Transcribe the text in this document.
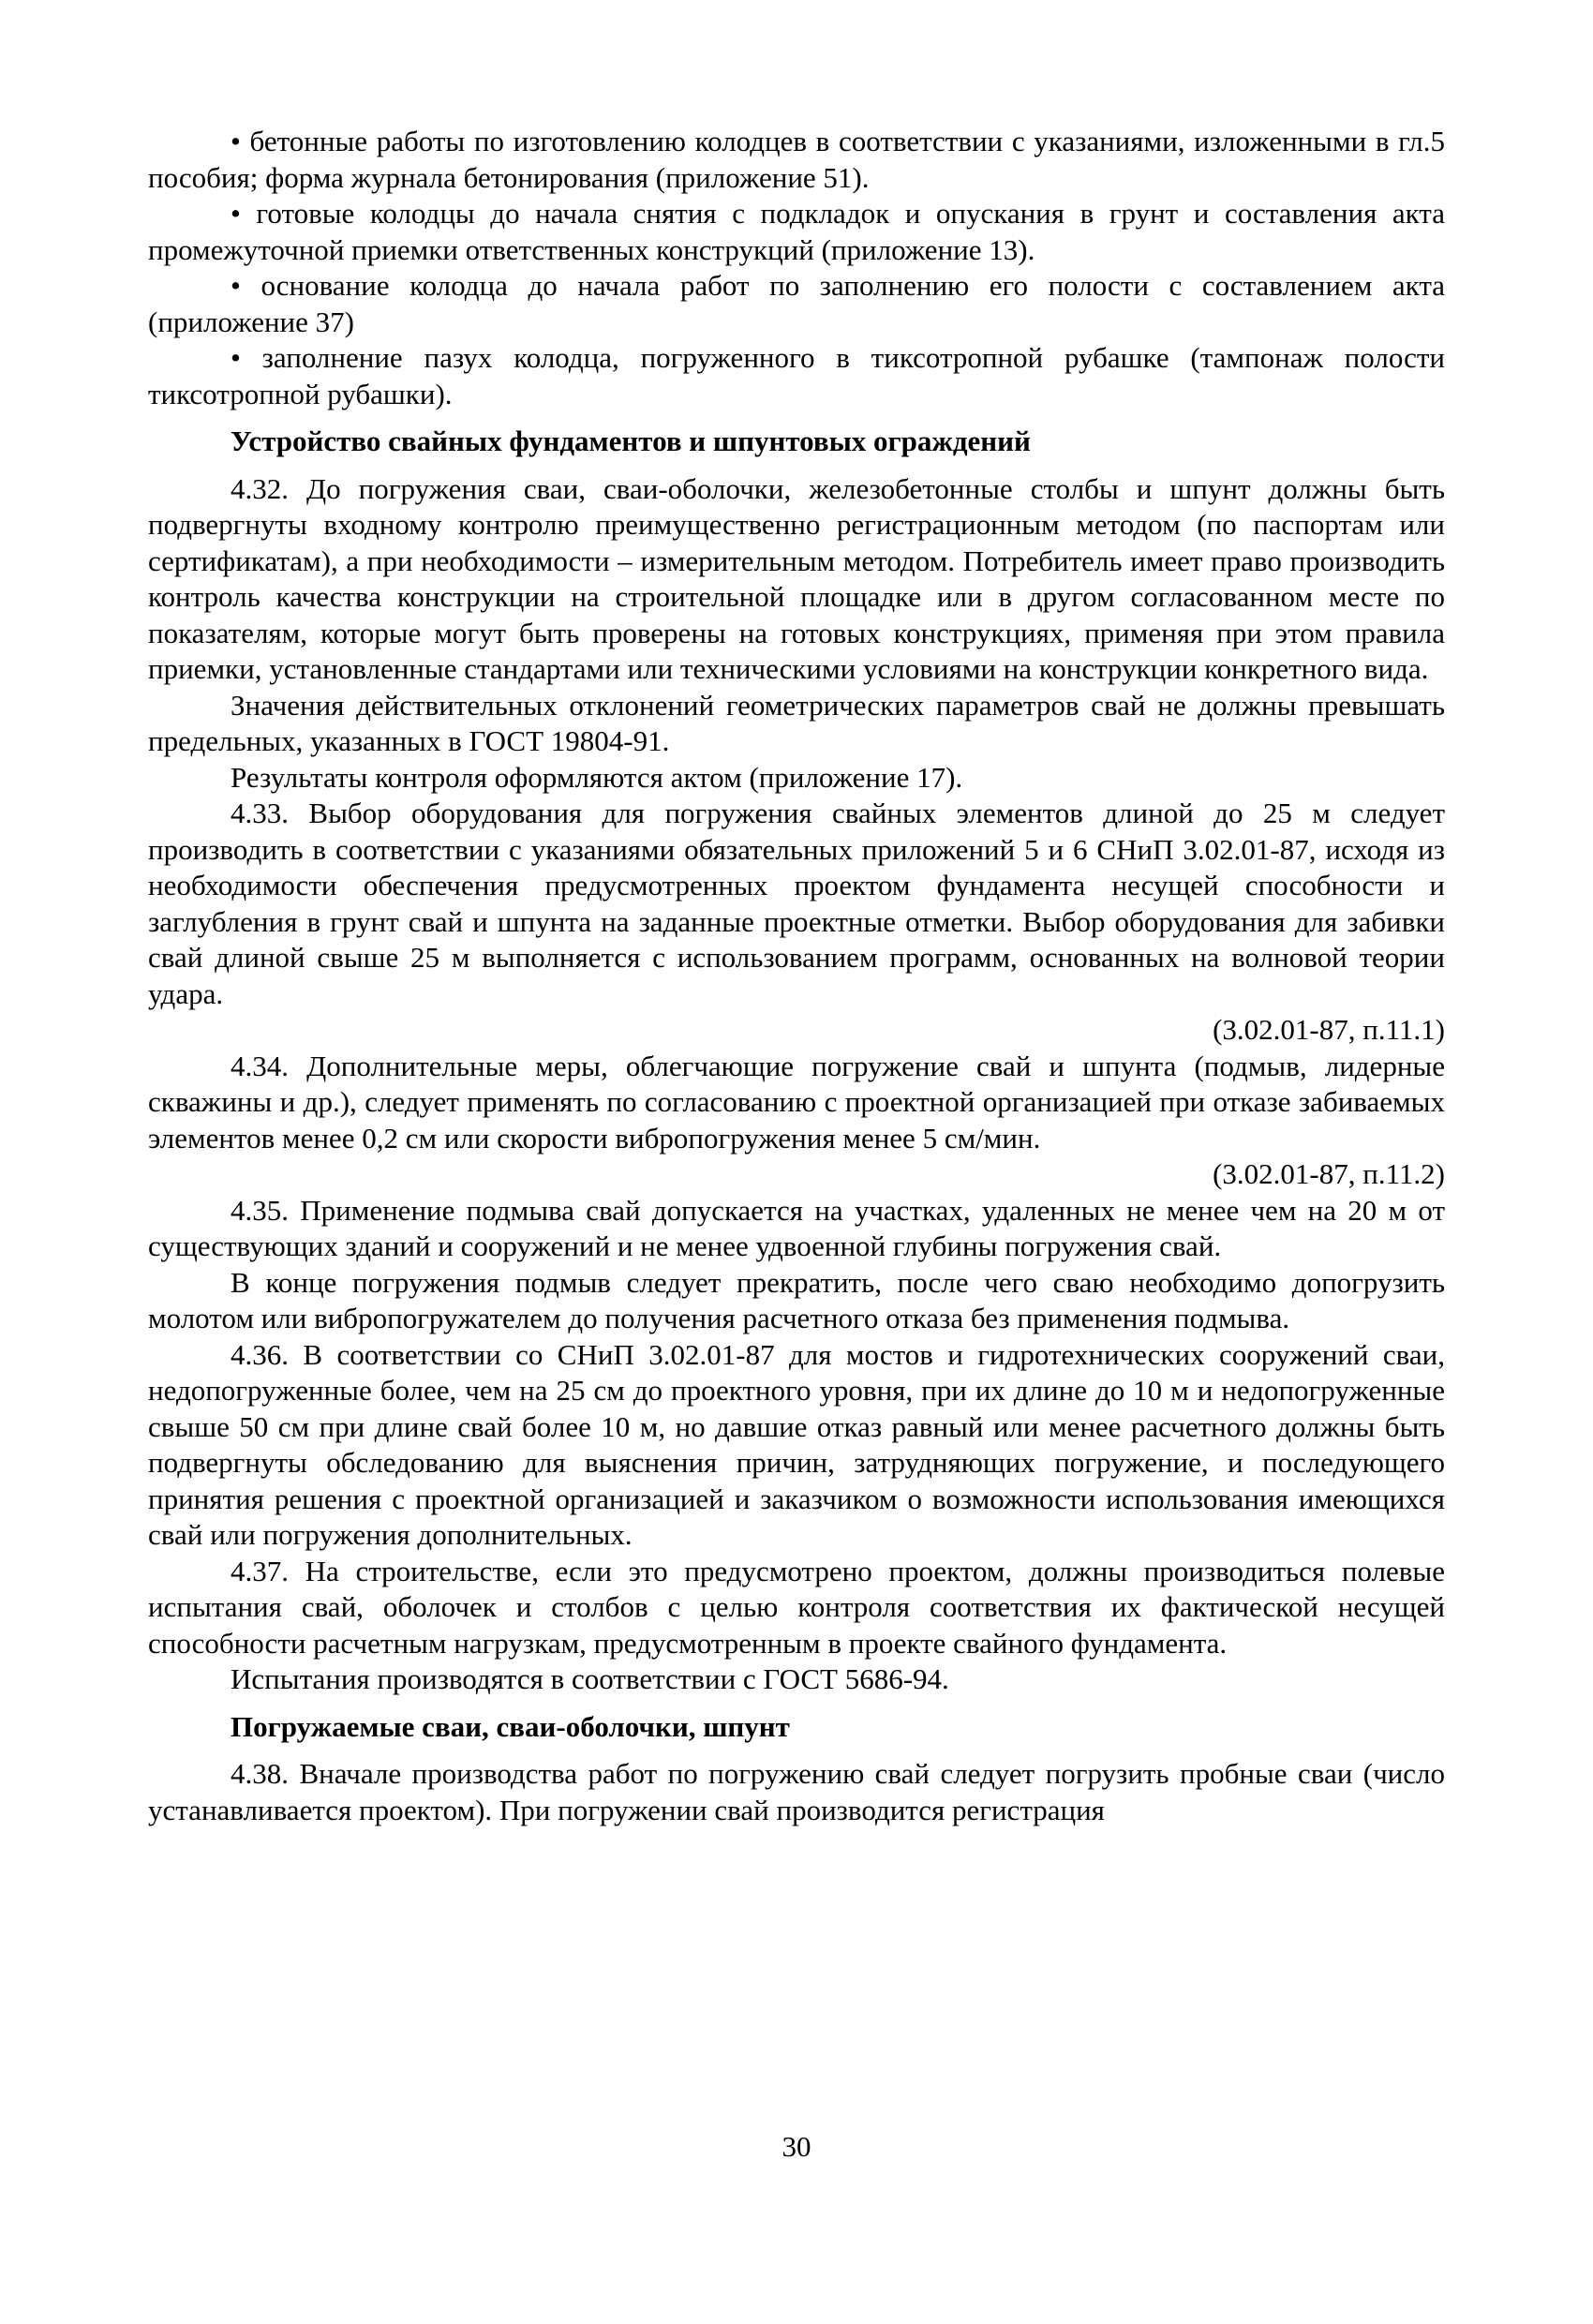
• бетонные работы по изготовлению колодцев в соответствии с указаниями, изложенными в гл.5 пособия; форма журнала бетонирования (приложение 51).

• готовые колодцы до начала снятия с подкладок и опускания в грунт и составления акта промежуточной приемки ответственных конструкций (приложение 13).

• основание колодца до начала работ по заполнению его полости с составлением акта (приложение 37)

• заполнение пазух колодца, погруженного в тиксотропной рубашке (тампонаж полости тиксотропной рубашки).

Устройство свайных фундаментов и шпунтовых ограждений

4.32. До погружения сваи, сваи-оболочки, железобетонные столбы и шпунт должны быть подвергнуты входному контролю преимущественно регистрационным методом (по паспортам или сертификатам), а при необходимости – измерительным методом. Потребитель имеет право производить контроль качества конструкции на строительной площадке или в другом согласованном месте по показателям, которые могут быть проверены на готовых конструкциях, применяя при этом правила приемки, установленные стандартами или техническими условиями на конструкции конкретного вида.

Значения действительных отклонений геометрических параметров свай не должны превышать предельных, указанных в ГОСТ 19804-91.

Результаты контроля оформляются актом (приложение 17).

4.33. Выбор оборудования для погружения свайных элементов длиной до 25 м следует производить в соответствии с указаниями обязательных приложений 5 и 6 СНиП 3.02.01-87, исходя из необходимости обеспечения предусмотренных проектом фундамента несущей способности и заглубления в грунт свай и шпунта на заданные проектные отметки. Выбор оборудования для забивки свай длиной свыше 25 м выполняется с использованием программ, основанных на волновой теории удара.

(3.02.01-87, п.11.1)

4.34. Дополнительные меры, облегчающие погружение свай и шпунта (подмыв, лидерные скважины и др.), следует применять по согласованию с проектной организацией при отказе забиваемых элементов менее 0,2 см или скорости вибропогружения менее 5 см/мин.

(3.02.01-87, п.11.2)

4.35. Применение подмыва свай допускается на участках, удаленных не менее чем на 20 м от существующих зданий и сооружений и не менее удвоенной глубины погружения свай.

В конце погружения подмыв следует прекратить, после чего сваю необходимо допогрузить молотом или вибропогружателем до получения расчетного отказа без применения подмыва.

4.36. В соответствии со СНиП 3.02.01-87 для мостов и гидротехнических сооружений сваи, недопогруженные более, чем на 25 см до проектного уровня, при их длине до 10 м и недопогруженные свыше 50 см при длине свай более 10 м, но давшие отказ равный или менее расчетного должны быть подвергнуты обследованию для выяснения причин, затрудняющих погружение, и последующего принятия решения с проектной организацией и заказчиком о возможности использования имеющихся свай или погружения дополнительных.

4.37. На строительстве, если это предусмотрено проектом, должны производиться полевые испытания свай, оболочек и столбов с целью контроля соответствия их фактической несущей способности расчетным нагрузкам, предусмотренным в проекте свайного фундамента.

Испытания производятся в соответствии с ГОСТ 5686-94.

Погружаемые сваи, сваи-оболочки, шпунт

4.38. Вначале производства работ по погружению свай следует погрузить пробные сваи (число устанавливается проектом). При погружении свай производится регистрация

30
